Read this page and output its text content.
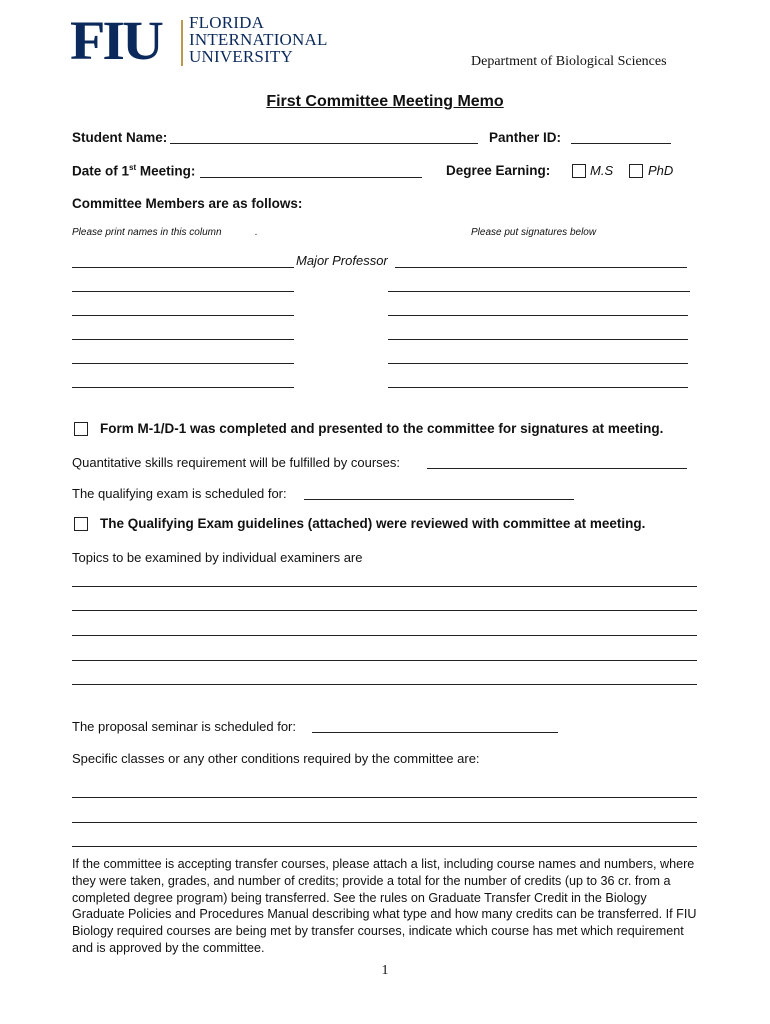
FIU FLORIDA
INTERNATIONAL
UNIVERSITY	Department of Biological Sciences
First Committee Meeting Memo
Student Name:	Panther ID:
Date of 1st Meeting:	Degree Earning:	M.S	PhD
Committee Members are as follows:
Please print names in this column	.	Please put signatures below
Major Professor
Form M-1/D-1 was completed and presented to the committee for signatures at meeting.
Quantitative skills requirement will be fulfilled by courses:
The qualifying exam is scheduled for:
The Qualifying Exam guidelines (attached) were reviewed with committee at meeting.
Topics to be examined by individual examiners are
The proposal seminar is scheduled for:
Specific classes or any other conditions required by the committee are:
If the committee is accepting transfer courses, please attach a list, including course names and numbers, where they were taken, grades, and number of credits; provide a total for the number of credits (up to 36 cr. from a completed degree program) being transferred. See the rules on Graduate Transfer Credit in the Biology Graduate Policies and Procedures Manual describing what type and how many credits can be transferred. If FIU Biology required courses are being met by transfer courses, indicate which course has met which requirement and is approved by the committee.
1
